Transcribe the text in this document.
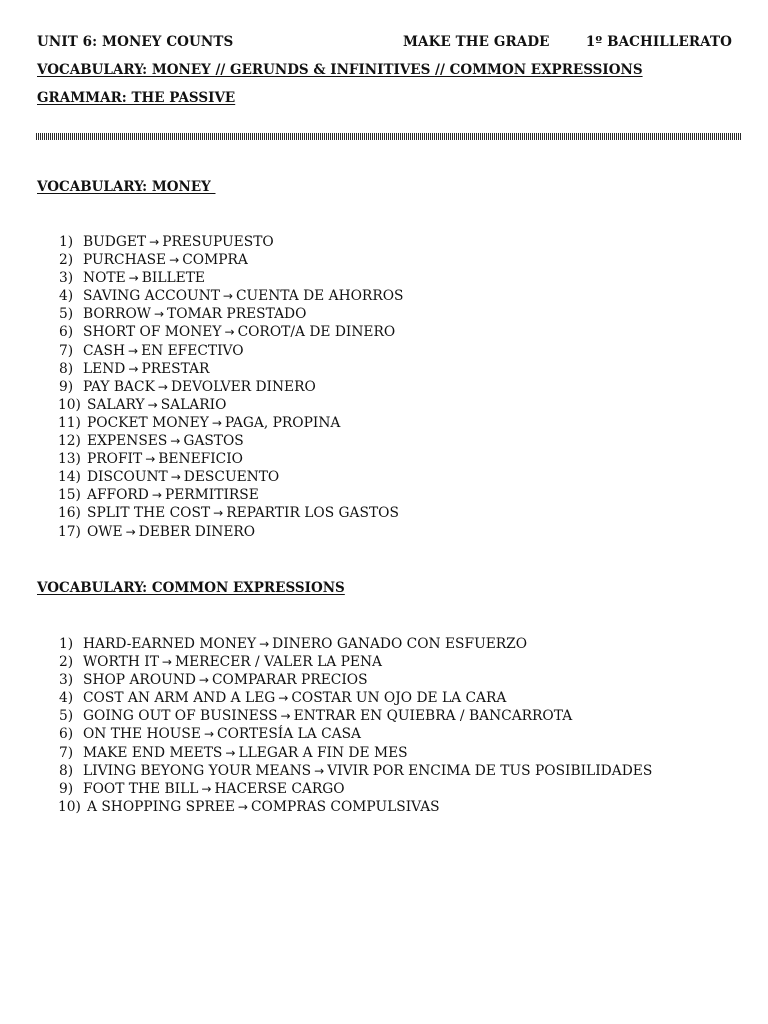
UNIT 6: MONEY COUNTS	MAKE THE GRADE	1º BACHILLERATO
VOCABULARY: MONEY // GERUNDS & INFINITIVES // COMMON EXPRESSIONS
GRAMMAR: THE PASSIVE
VOCABULARY: MONEY
1) BUDGET → PRESUPUESTO
2) PURCHASE → COMPRA
3) NOTE → BILLETE
4) SAVING ACCOUNT → CUENTA DE AHORROS
5) BORROW → TOMAR PRESTADO
6) SHORT OF MONEY → COROT/A DE DINERO
7) CASH → EN EFECTIVO
8) LEND → PRESTAR
9) PAY BACK → DEVOLVER DINERO
10) SALARY → SALARIO
11) POCKET MONEY → PAGA, PROPINA
12) EXPENSES → GASTOS
13) PROFIT → BENEFICIO
14) DISCOUNT → DESCUENTO
15) AFFORD → PERMITIRSE
16) SPLIT THE COST → REPARTIR LOS GASTOS
17) OWE → DEBER DINERO
VOCABULARY: COMMON EXPRESSIONS
1) HARD-EARNED MONEY → DINERO GANADO CON ESFUERZO
2) WORTH IT → MERECER / VALER LA PENA
3) SHOP AROUND → COMPARAR PRECIOS
4) COST AN ARM AND A LEG → COSTAR UN OJO DE LA CARA
5) GOING OUT OF BUSINESS → ENTRAR EN QUIEBRA / BANCARROTA
6) ON THE HOUSE → CORTESÍA LA CASA
7) MAKE END MEETS → LLEGAR A FIN DE MES
8) LIVING BEYONG YOUR MEANS → VIVIR POR ENCIMA DE TUS POSIBILIDADES
9) FOOT THE BILL → HACERSE CARGO
10) A SHOPPING SPREE → COMPRAS COMPULSIVAS
